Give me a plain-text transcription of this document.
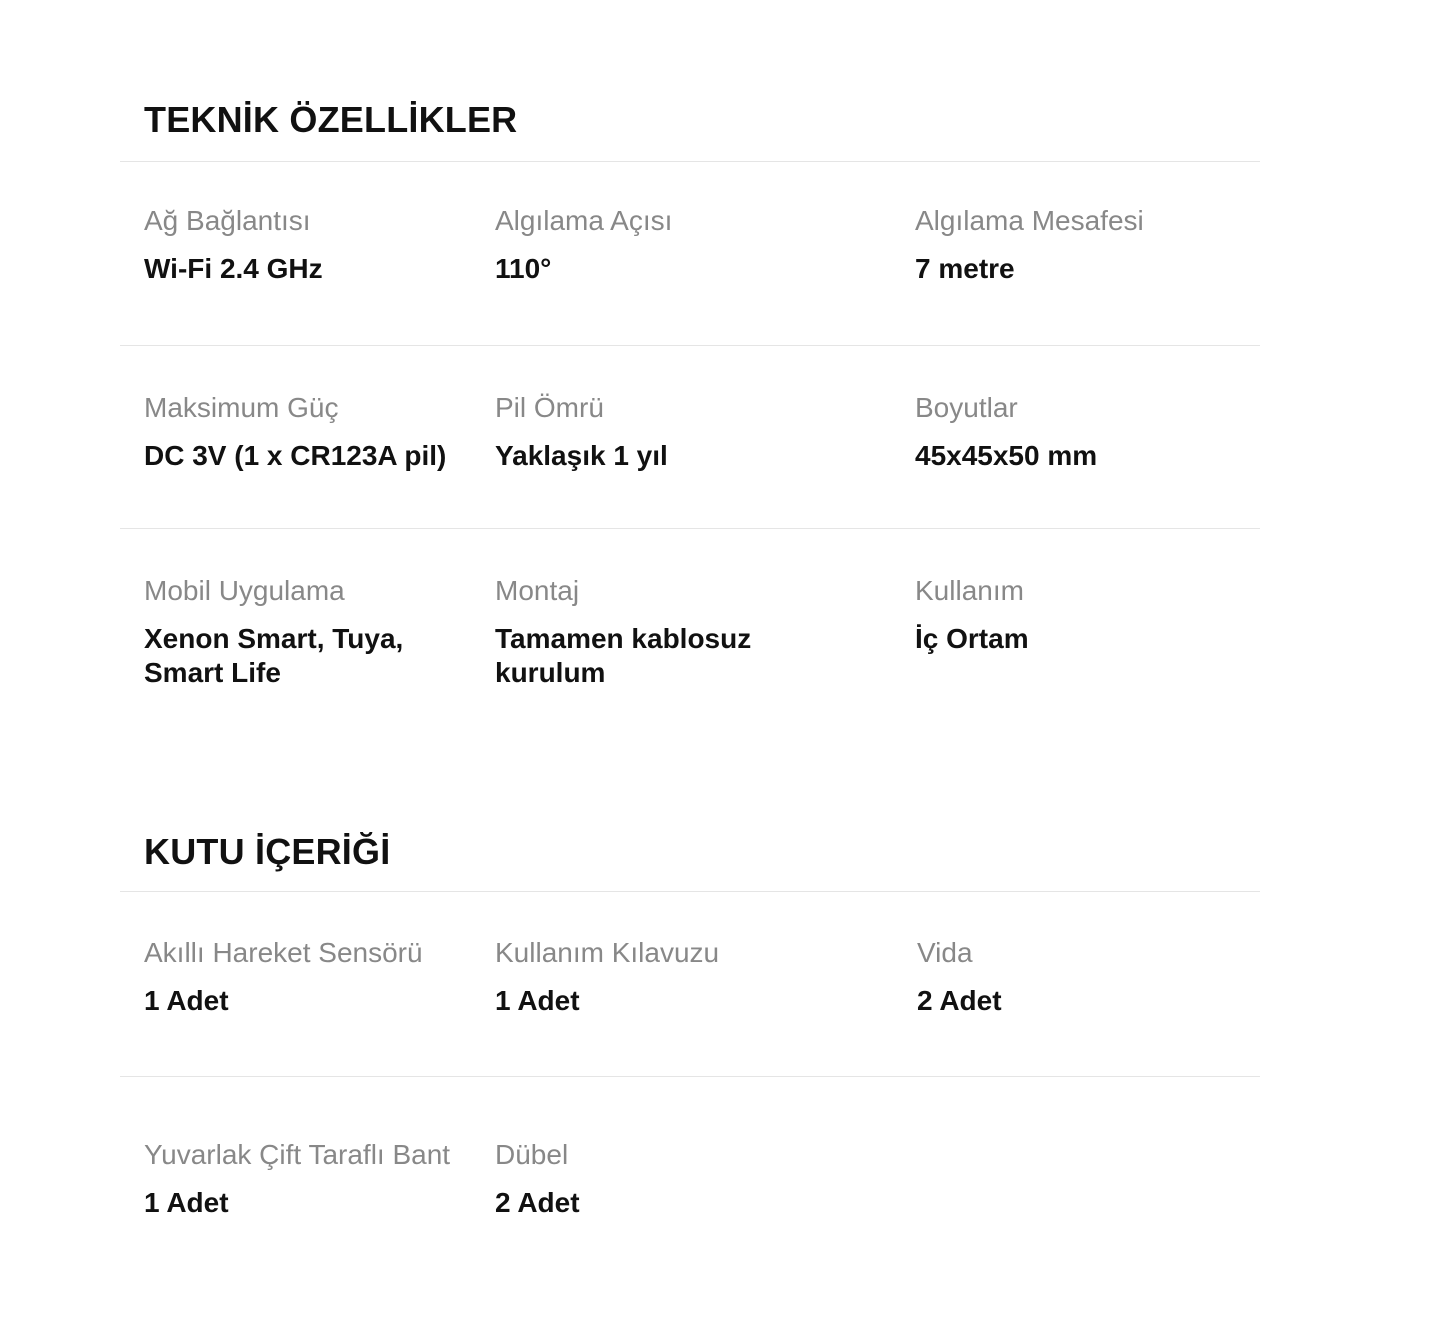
TEKNİK ÖZELLİKLER
Ağ Bağlantısı
Wi-Fi 2.4 GHz
Algılama Açısı
110°
Algılama Mesafesi
7 metre
Maksimum Güç
DC 3V (1 x CR123A pil)
Pil Ömrü
Yaklaşık 1 yıl
Boyutlar
45x45x50 mm
Mobil Uygulama
Xenon Smart, Tuya, Smart Life
Montaj
Tamamen kablosuz kurulum
Kullanım
İç Ortam
KUTU İÇERİĞİ
Akıllı Hareket Sensörü
1 Adet
Kullanım Kılavuzu
1 Adet
Vida
2 Adet
Yuvarlak Çift Taraflı Bant
1 Adet
Dübel
2 Adet
